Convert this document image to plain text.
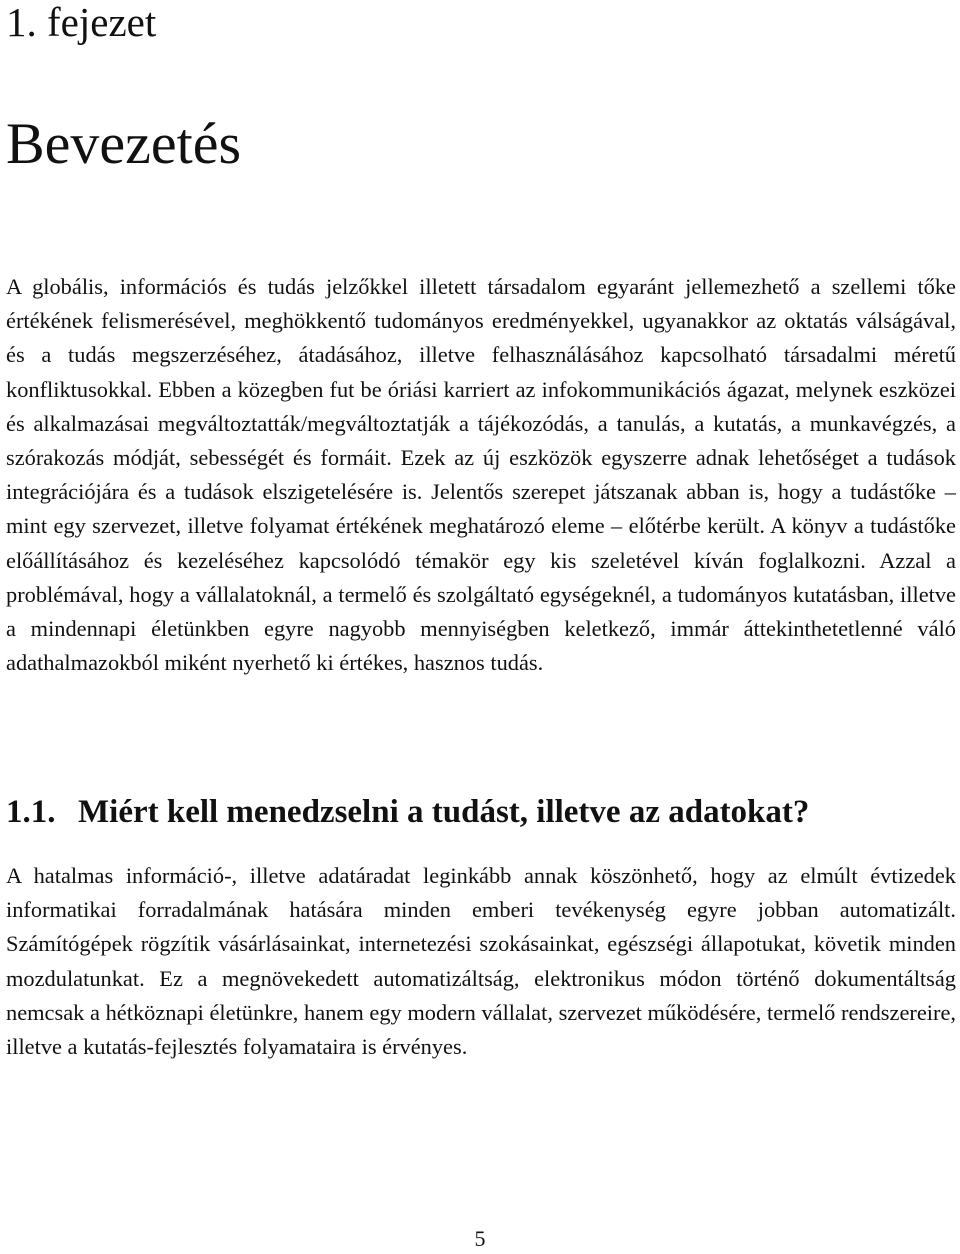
1. fejezet
Bevezetés

A globális, információs és tudás jelzőkkel illetett társadalom egyaránt jellemezhető a szellemi tőke értékének felismerésével, meghökkentő tudományos eredményekkel, ugyanakkor az oktatás válságával, és a tudás megszerzéséhez, átadásához, illetve felhasználásához kapcsolható társadalmi méretű konfliktusokkal. Ebben a közegben fut be óriási karriert az infokommunikációs ágazat, melynek eszközei és alkalmazásai megváltoztatták/megváltoztatják a tájékozódás, a tanulás, a kutatás, a munkavégzés, a szórakozás módját, sebességét és formáit. Ezek az új eszközök egyszerre adnak lehetőséget a tudások integrációjára és a tudások elszigetelésére is. Jelentős szerepet játszanak abban is, hogy a tudástőke – mint egy szervezet, illetve folyamat értékének meghatározó eleme – előtérbe került. A könyv a tudástőke előállításához és kezeléséhez kapcsolódó témakör egy kis szeletével kíván foglalkozni. Azzal a problémával, hogy a vállalatoknál, a termelő és szolgáltató egységeknél, a tudományos kutatásban, illetve a mindennapi életünkben egyre nagyobb mennyiségben keletkező, immár áttekinthetetlenné váló adathalmazokból miként nyerhető ki értékes, hasznos tudás.

1.1. Miért kell menedzselni a tudást, illetve az adatokat?

A hatalmas információ-, illetve adatáradat leginkább annak köszönhető, hogy az elmúlt évtizedek informatikai forradalmának hatására minden emberi tevékenység egyre jobban automatizált. Számítógépek rögzítik vásárlásainkat, internetezési szokásainkat, egészségi állapotukat, követik minden mozdulatunkat. Ez a megnövekedett automatizáltság, elektronikus módon történő dokumentáltság nemcsak a hétköznapi életünkre, hanem egy modern vállalat, szervezet működésére, termelő rendszereire, illetve a kutatás-fejlesztés folyamataira is érvényes.

5
